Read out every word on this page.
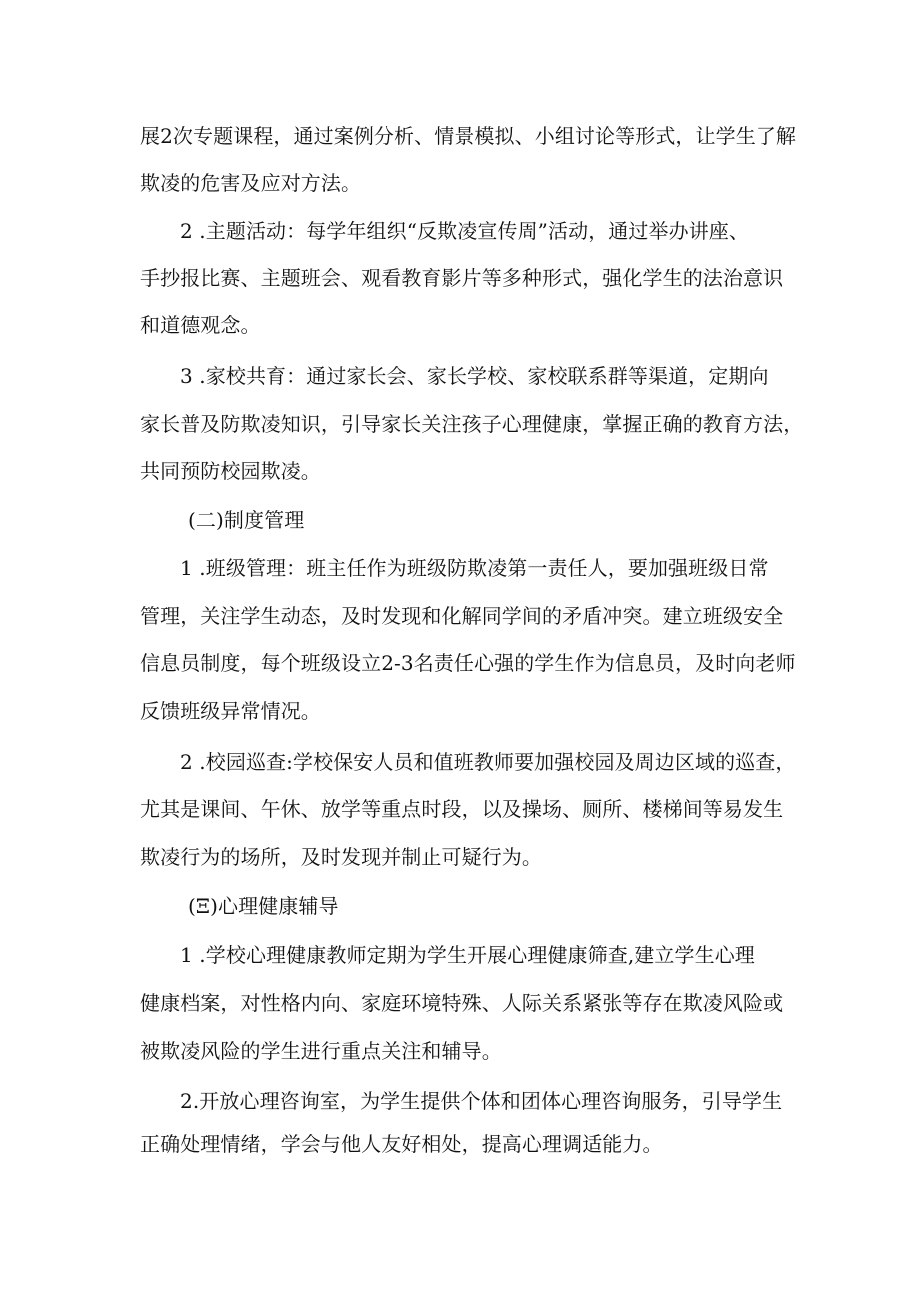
展2次专题课程，通过案例分析、情景模拟、小组讨论等形式，让学生了解
欺凌的危害及应对方法。
2 .主题活动：每学年组织“反欺凌宣传周”活动，通过举办讲座、
手抄报比赛、主题班会、观看教育影片等多种形式，强化学生的法治意识
和道德观念。
3 .家校共育：通过家长会、家长学校、家校联系群等渠道，定期向
家长普及防欺凌知识，引导家长关注孩子心理健康，掌握正确的教育方法，
共同预防校园欺凌。
(二)制度管理
1 .班级管理：班主任作为班级防欺凌第一责任人，要加强班级日常
管理，关注学生动态，及时发现和化解同学间的矛盾冲突。建立班级安全
信息员制度，每个班级设立2-3名责任心强的学生作为信息员，及时向老师
反馈班级异常情况。
2 .校园巡查:学校保安人员和值班教师要加强校园及周边区域的巡查，
尤其是课间、午休、放学等重点时段，以及操场、厕所、楼梯间等易发生
欺凌行为的场所，及时发现并制止可疑行为。
(Ξ)心理健康辅导
1 .学校心理健康教师定期为学生开展心理健康筛查,建立学生心理
健康档案，对性格内向、家庭环境特殊、人际关系紧张等存在欺凌风险或
被欺凌风险的学生进行重点关注和辅导。
2.开放心理咨询室，为学生提供个体和团体心理咨询服务，引导学生
正确处理情绪，学会与他人友好相处，提高心理调适能力。
